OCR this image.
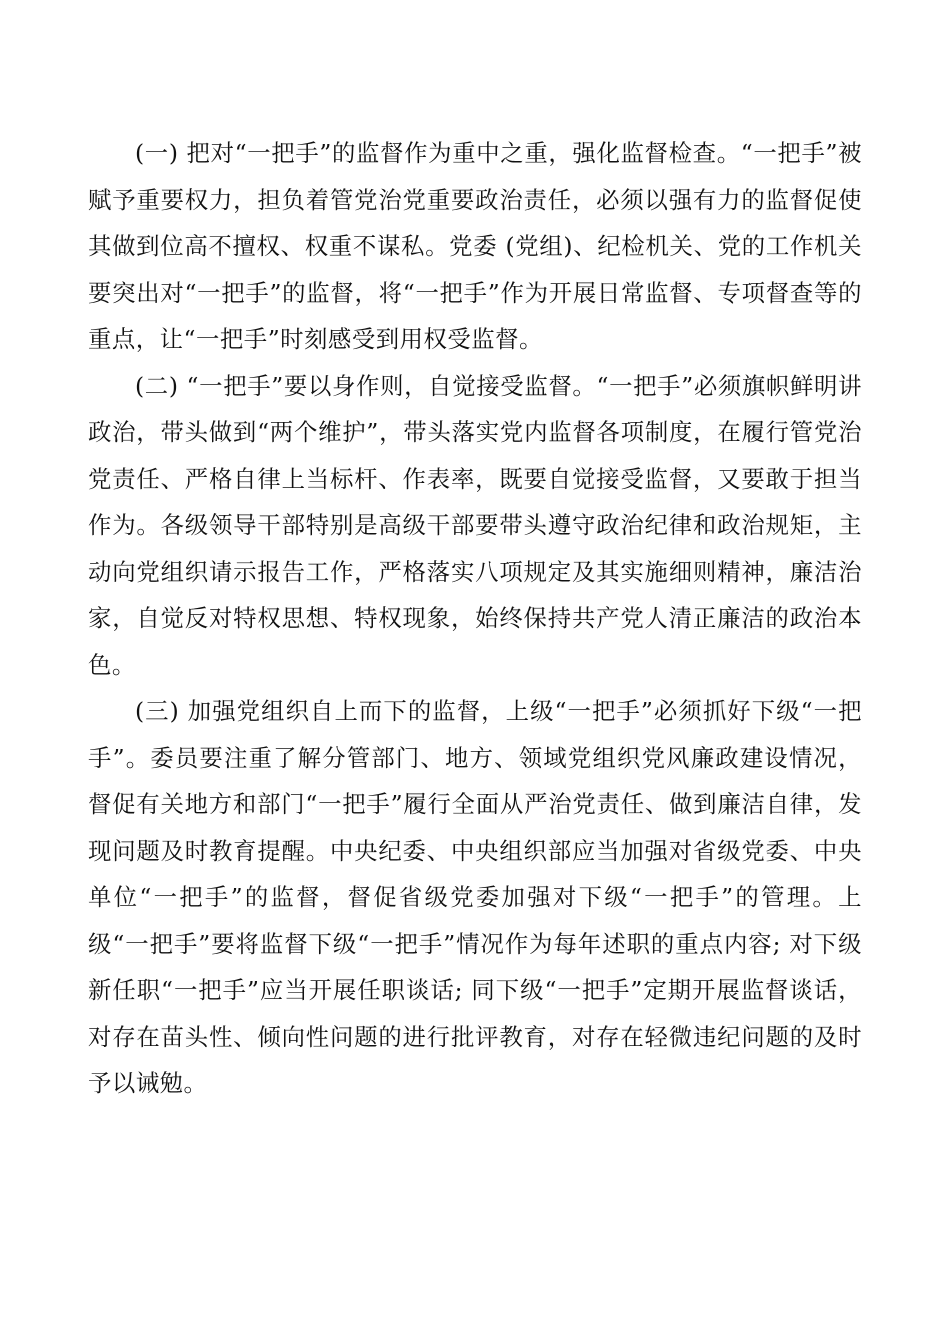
(一) 把对“一把手”的监督作为重中之重，强化监督检查。“一把手”被赋予重要权力，担负着管党治党重要政治责任，必须以强有力的监督促使其做到位高不擅权、权重不谋私。党委 (党组)、纪检机关、党的工作机关要突出对“一把手”的监督，将“一把手”作为开展日常监督、专项督查等的重点，让“一把手”时刻感受到用权受监督。

(二) “一把手”要以身作则，自觉接受监督。“一把手”必须旗帜鲜明讲政治，带头做到“两个维护”，带头落实党内监督各项制度，在履行管党治党责任、严格自律上当标杆、作表率，既要自觉接受监督，又要敢于担当作为。各级领导干部特别是高级干部要带头遵守政治纪律和政治规矩，主动向党组织请示报告工作，严格落实八项规定及其实施细则精神，廉洁治家，自觉反对特权思想、特权现象，始终保持共产党人清正廉洁的政治本色。

(三) 加强党组织自上而下的监督，上级“一把手”必须抓好下级“一把手”。委员要注重了解分管部门、地方、领域党组织党风廉政建设情况，督促有关地方和部门“一把手”履行全面从严治党责任、做到廉洁自律，发现问题及时教育提醒。中央纪委、中央组织部应当加强对省级党委、中央单位“一把手”的监督，督促省级党委加强对下级“一把手”的管理。上级“一把手”要将监督下级“一把手”情况作为每年述职的重点内容; 对下级新任职“一把手”应当开展任职谈话; 同下级“一把手”定期开展监督谈话，对存在苗头性、倾向性问题的进行批评教育，对存在轻微违纪问题的及时予以诫勉。
